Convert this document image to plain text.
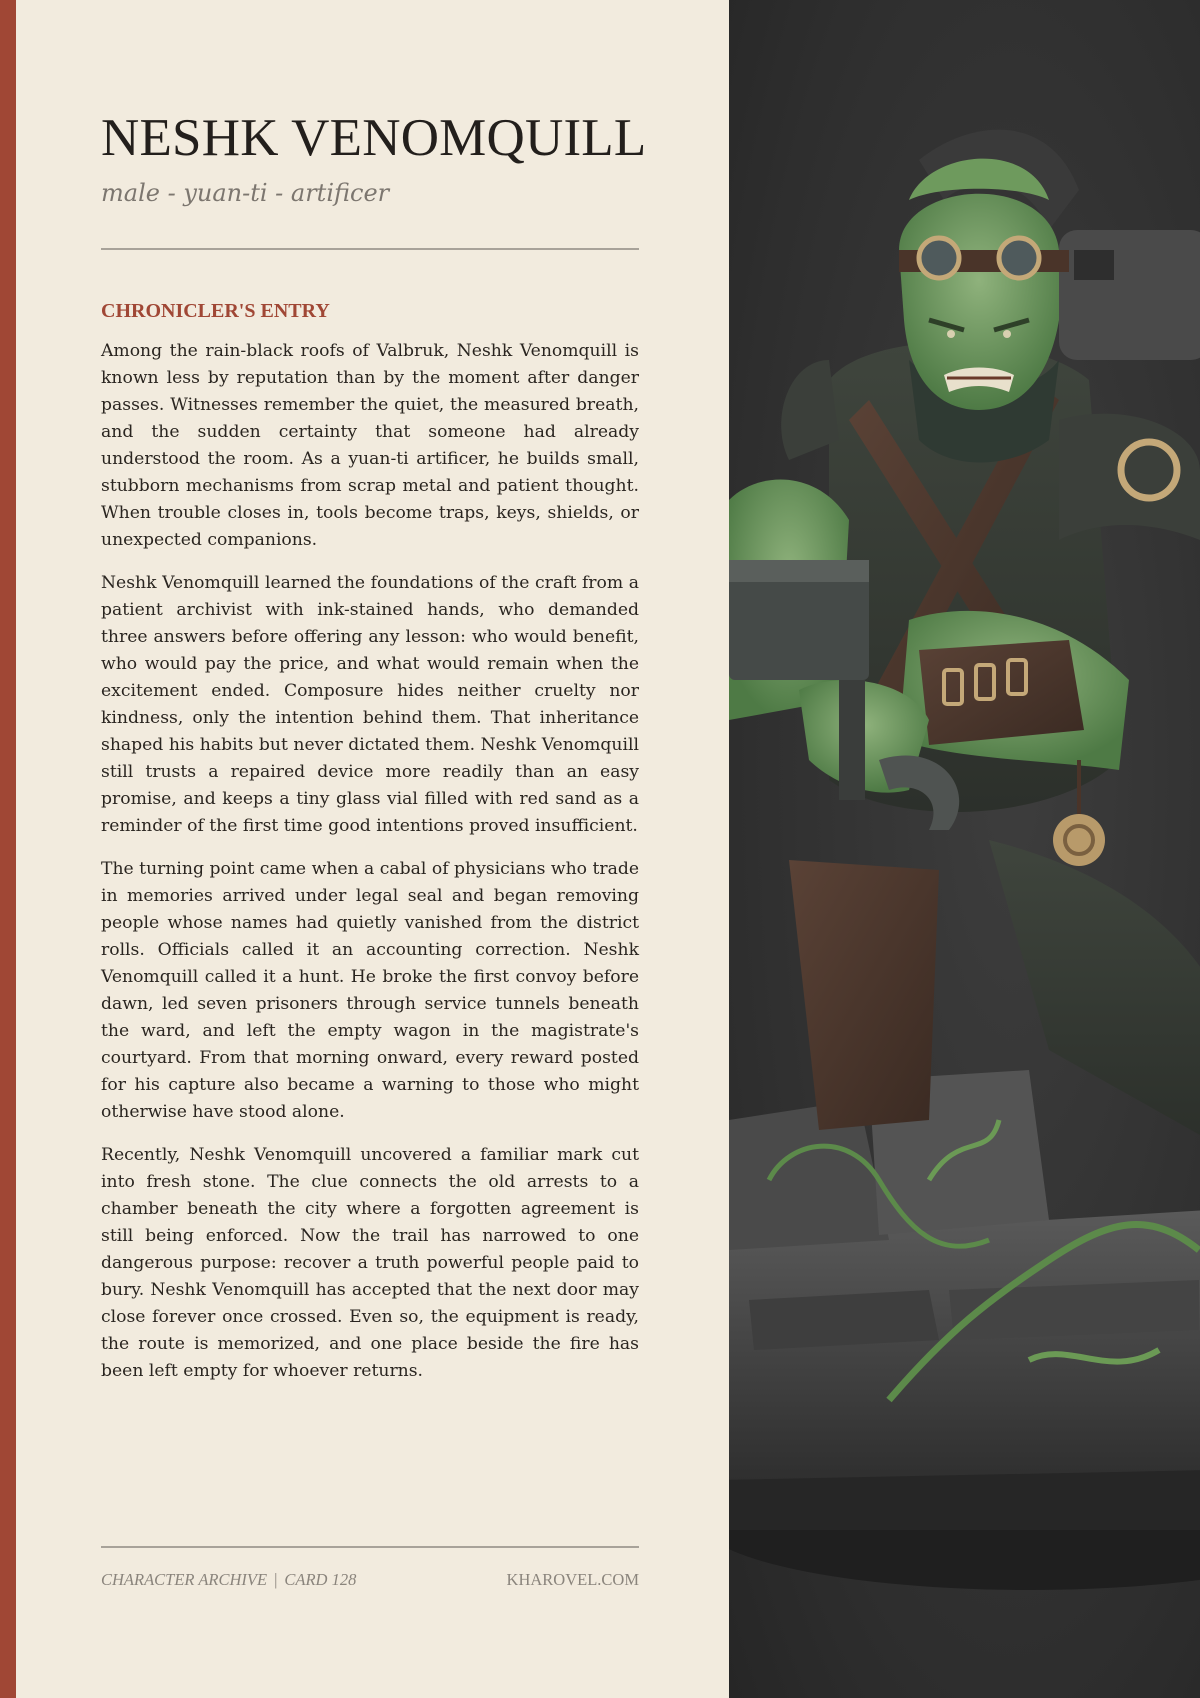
NESHK VENOMQUILL
male - yuan-ti - artificer
CHRONICLER'S ENTRY

Among the rain-black roofs of Valbruk, Neshk Venomquill is known less by reputation than by the moment after danger passes. Witnesses remember the quiet, the measured breath, and the sudden certainty that someone had already understood the room. As a yuan-ti artificer, he builds small, stubborn mechanisms from scrap metal and patient thought. When trouble closes in, tools become traps, keys, shields, or unexpected companions.

Neshk Venomquill learned the foundations of the craft from a patient archivist with ink-stained hands, who demanded three answers before offering any lesson: who would benefit, who would pay the price, and what would remain when the excitement ended. Composure hides neither cruelty nor kindness, only the intention behind them. That inheritance shaped his habits but never dictated them. Neshk Venomquill still trusts a repaired device more readily than an easy promise, and keeps a tiny glass vial filled with red sand as a reminder of the first time good intentions proved insufficient.

The turning point came when a cabal of physicians who trade in memories arrived under legal seal and began removing people whose names had quietly vanished from the district rolls. Officials called it an accounting correction. Neshk Venomquill called it a hunt. He broke the first convoy before dawn, led seven prisoners through service tunnels beneath the ward, and left the empty wagon in the magistrate's courtyard. From that morning onward, every reward posted for his capture also became a warning to those who might otherwise have stood alone.

Recently, Neshk Venomquill uncovered a familiar mark cut into fresh stone. The clue connects the old arrests to a chamber beneath the city where a forgotten agreement is still being enforced. Now the trail has narrowed to one dangerous purpose: recover a truth powerful people paid to bury. Neshk Venomquill has accepted that the next door may close forever once crossed. Even so, the equipment is ready, the route is memorized, and one place beside the fire has been left empty for whoever returns.

CHARACTER ARCHIVE | CARD 128	KHAROVEL.COM
